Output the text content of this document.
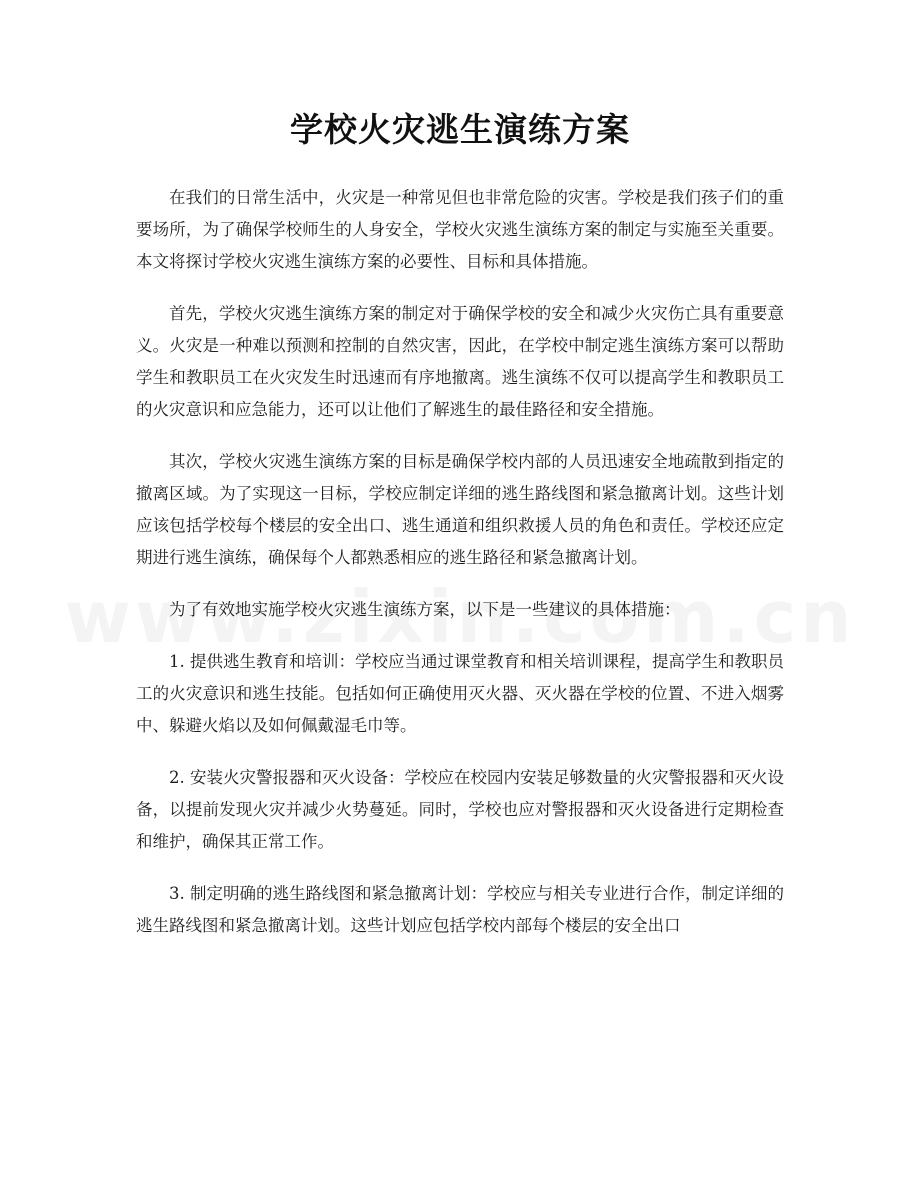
学校火灾逃生演练方案

在我们的日常生活中，火灾是一种常见但也非常危险的灾害。学校是我们孩子们的重要场所，为了确保学校师生的人身安全，学校火灾逃生演练方案的制定与实施至关重要。本文将探讨学校火灾逃生演练方案的必要性、目标和具体措施。

首先，学校火灾逃生演练方案的制定对于确保学校的安全和减少火灾伤亡具有重要意义。火灾是一种难以预测和控制的自然灾害，因此，在学校中制定逃生演练方案可以帮助学生和教职员工在火灾发生时迅速而有序地撤离。逃生演练不仅可以提高学生和教职员工的火灾意识和应急能力，还可以让他们了解逃生的最佳路径和安全措施。

其次，学校火灾逃生演练方案的目标是确保学校内部的人员迅速安全地疏散到指定的撤离区域。为了实现这一目标，学校应制定详细的逃生路线图和紧急撤离计划。这些计划应该包括学校每个楼层的安全出口、逃生通道和组织救援人员的角色和责任。学校还应定期进行逃生演练，确保每个人都熟悉相应的逃生路径和紧急撤离计划。

为了有效地实施学校火灾逃生演练方案，以下是一些建议的具体措施：

1. 提供逃生教育和培训：学校应当通过课堂教育和相关培训课程，提高学生和教职员工的火灾意识和逃生技能。包括如何正确使用灭火器、灭火器在学校的位置、不进入烟雾中、躲避火焰以及如何佩戴湿毛巾等。

2. 安装火灾警报器和灭火设备：学校应在校园内安装足够数量的火灾警报器和灭火设备，以提前发现火灾并减少火势蔓延。同时，学校也应对警报器和灭火设备进行定期检查和维护，确保其正常工作。

3. 制定明确的逃生路线图和紧急撤离计划：学校应与相关专业进行合作，制定详细的逃生路线图和紧急撤离计划。这些计划应包括学校内部每个楼层的安全出口
